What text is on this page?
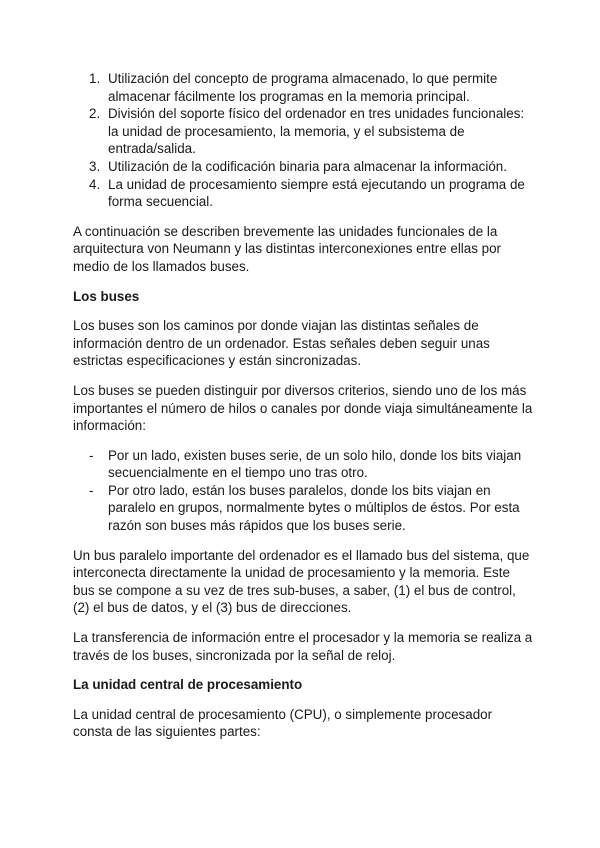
1. Utilización del concepto de programa almacenado, lo que permite almacenar fácilmente los programas en la memoria principal.
2. División del soporte físico del ordenador en tres unidades funcionales: la unidad de procesamiento, la memoria, y el subsistema de entrada/salida.
3. Utilización de la codificación binaria para almacenar la información.
4. La unidad de procesamiento siempre está ejecutando un programa de forma secuencial.

A continuación se describen brevemente las unidades funcionales de la arquitectura von Neumann y las distintas interconexiones entre ellas por medio de los llamados buses.

Los buses

Los buses son los caminos por donde viajan las distintas señales de información dentro de un ordenador. Estas señales deben seguir unas estrictas especificaciones y están sincronizadas.

Los buses se pueden distinguir por diversos criterios, siendo uno de los más importantes el número de hilos o canales por donde viaja simultáneamente la información:

- Por un lado, existen buses serie, de un solo hilo, donde los bits viajan secuencialmente en el tiempo uno tras otro.
- Por otro lado, están los buses paralelos, donde los bits viajan en paralelo en grupos, normalmente bytes o múltiplos de éstos. Por esta razón son buses más rápidos que los buses serie.

Un bus paralelo importante del ordenador es el llamado bus del sistema, que interconecta directamente la unidad de procesamiento y la memoria. Este bus se compone a su vez de tres sub-buses, a saber, (1) el bus de control, (2) el bus de datos, y el (3) bus de direcciones.

La transferencia de información entre el procesador y la memoria se realiza a través de los buses, sincronizada por la señal de reloj.

La unidad central de procesamiento

La unidad central de procesamiento (CPU), o simplemente procesador consta de las siguientes partes:
